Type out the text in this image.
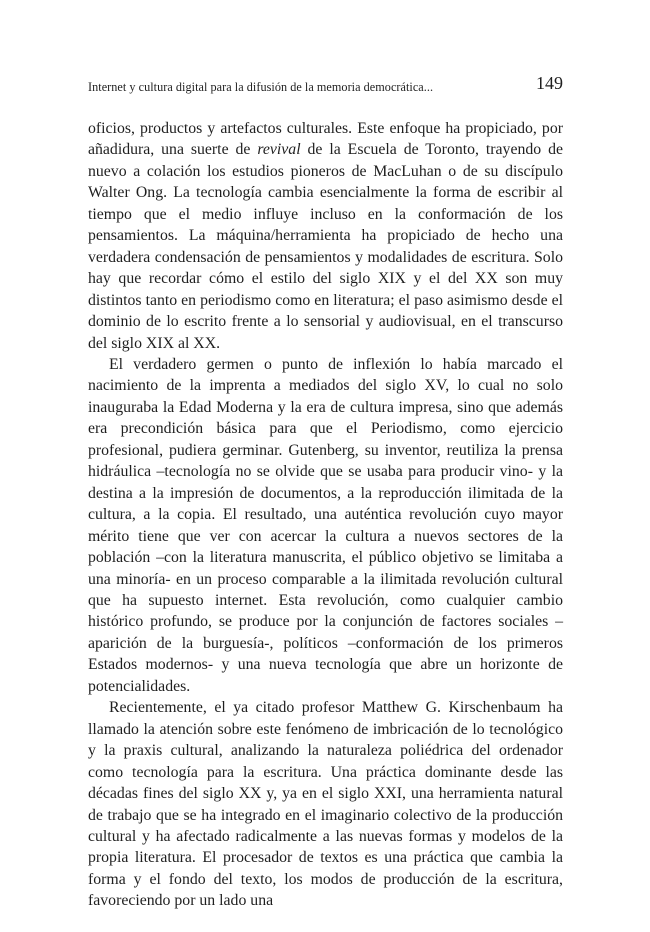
Internet y cultura digital para la difusión de la memoria democrática...	149

oficios, productos y artefactos culturales. Este enfoque ha propiciado, por añadidura, una suerte de revival de la Escuela de Toronto, trayendo de nuevo a colación los estudios pioneros de MacLuhan o de su discípulo Walter Ong. La tecnología cambia esencialmente la forma de escribir al tiempo que el medio influye incluso en la conformación de los pensamientos. La máquina/herramienta ha propiciado de hecho una verdadera condensación de pensamientos y modalidades de escritura. Solo hay que recordar cómo el estilo del siglo XIX y el del XX son muy distintos tanto en periodismo como en literatura; el paso asimismo desde el dominio de lo escrito frente a lo sensorial y audiovisual, en el transcurso del siglo XIX al XX.

El verdadero germen o punto de inflexión lo había marcado el nacimiento de la imprenta a mediados del siglo XV, lo cual no solo inauguraba la Edad Moderna y la era de cultura impresa, sino que además era precondición básica para que el Periodismo, como ejercicio profesional, pudiera germinar. Gutenberg, su inventor, reutiliza la prensa hidráulica –tecnología no se olvide que se usaba para producir vino- y la destina a la impresión de documentos, a la reproducción ilimitada de la cultura, a la copia. El resultado, una auténtica revolución cuyo mayor mérito tiene que ver con acercar la cultura a nuevos sectores de la población –con la literatura manuscrita, el público objetivo se limitaba a una minoría- en un proceso comparable a la ilimitada revolución cultural que ha supuesto internet. Esta revolución, como cualquier cambio histórico profundo, se produce por la conjunción de factores sociales –aparición de la burguesía-, políticos –conformación de los primeros Estados modernos- y una nueva tecnología que abre un horizonte de potencialidades.

Recientemente, el ya citado profesor Matthew G. Kirschenbaum ha llamado la atención sobre este fenómeno de imbricación de lo tecnológico y la praxis cultural, analizando la naturaleza poliédrica del ordenador como tecnología para la escritura. Una práctica dominante desde las décadas fines del siglo XX y, ya en el siglo XXI, una herramienta natural de trabajo que se ha integrado en el imaginario colectivo de la producción cultural y ha afectado radicalmente a las nuevas formas y modelos de la propia literatura. El procesador de textos es una práctica que cambia la forma y el fondo del texto, los modos de producción de la escritura, favoreciendo por un lado una
